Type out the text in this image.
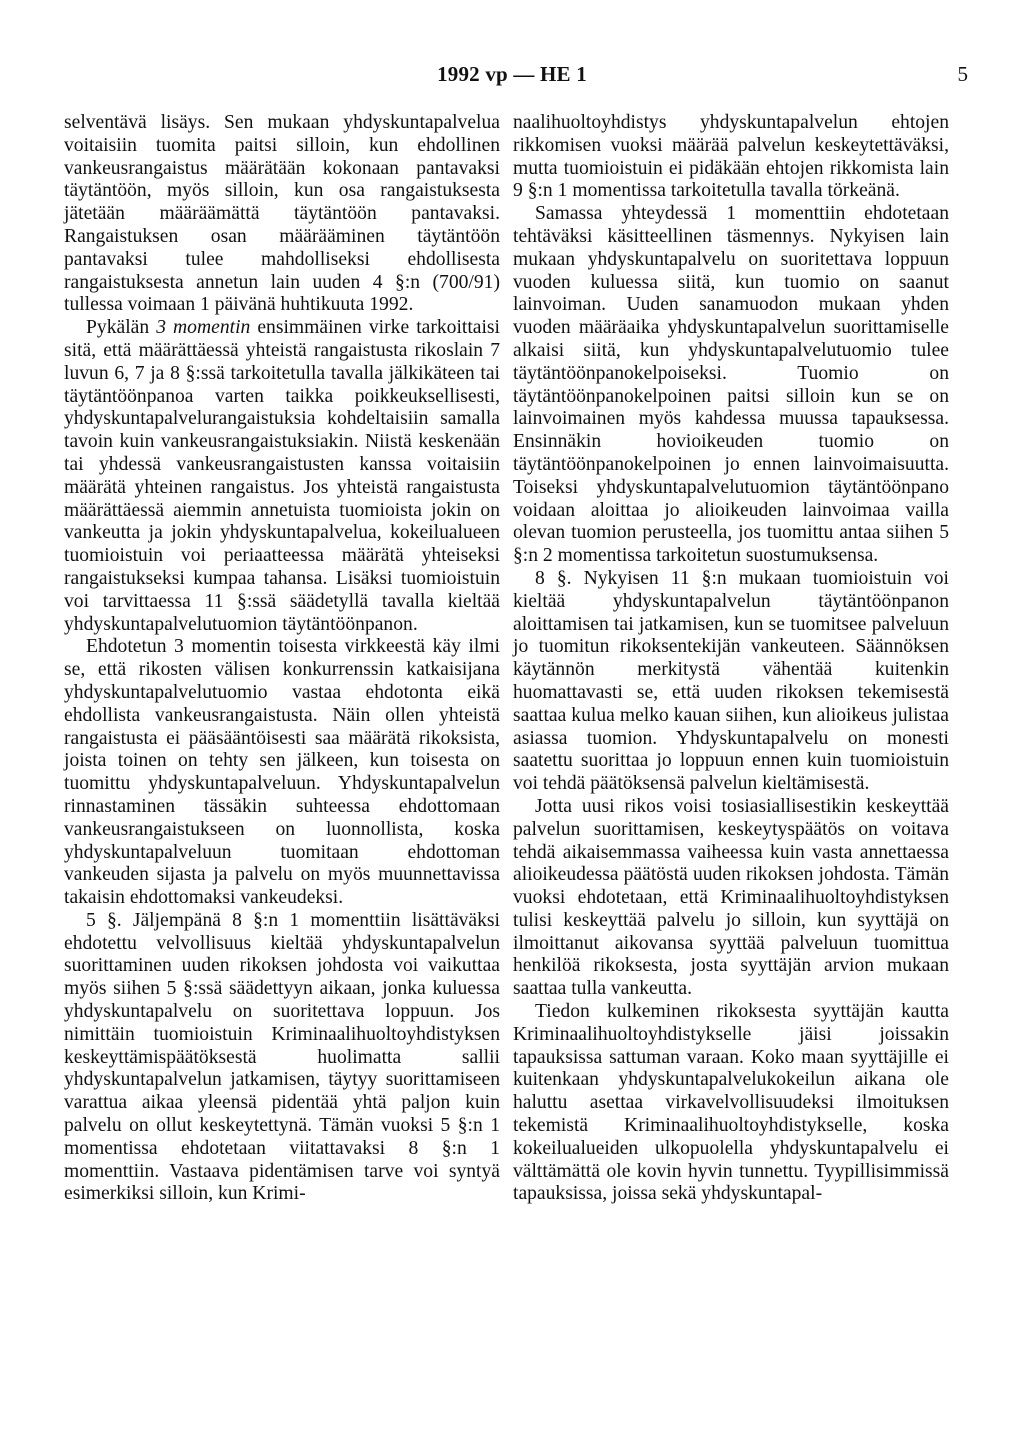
1992 vp — HE 1	5

selventävä lisäys. Sen mukaan yhdyskuntapalvelua voitaisiin tuomita paitsi silloin, kun ehdollinen vankeusrangaistus määrätään kokonaan pantavaksi täytäntöön, myös silloin, kun osa rangaistuksesta jätetään määräämättä täytäntöön pantavaksi. Rangaistuksen osan määrääminen täytäntöön pantavaksi tulee mahdolliseksi ehdollisesta rangaistuksesta annetun lain uuden 4 §:n (700/91) tullessa voimaan 1 päivänä huhtikuuta 1992.

Pykälän 3 momentin ensimmäinen virke tarkoittaisi sitä, että määrättäessä yhteistä rangaistusta rikoslain 7 luvun 6, 7 ja 8 §:ssä tarkoitetulla tavalla jälkikäteen tai täytäntöönpanoa varten taikka poikkeuksellisesti, yhdyskuntapalvelurangaistuksia kohdeltaisiin samalla tavoin kuin vankeusrangaistuksiakin. Niistä keskenään tai yhdessä vankeusrangaistusten kanssa voitaisiin määrätä yhteinen rangaistus. Jos yhteistä rangaistusta määrättäessä aiemmin annetuista tuomioista jokin on vankeutta ja jokin yhdyskuntapalvelua, kokeilualueen tuomioistuin voi periaatteessa määrätä yhteiseksi rangaistukseksi kumpaa tahansa. Lisäksi tuomioistuin voi tarvittaessa 11 §:ssä säädetyllä tavalla kieltää yhdyskuntapalvelutuomion täytäntöönpanon.

Ehdotetun 3 momentin toisesta virkkeestä käy ilmi se, että rikosten välisen konkurrenssin katkaisijana yhdyskuntapalvelutuomio vastaa ehdotonta eikä ehdollista vankeusrangaistusta. Näin ollen yhteistä rangaistusta ei pääsääntöisesti saa määrätä rikoksista, joista toinen on tehty sen jälkeen, kun toisesta on tuomittu yhdyskuntapalveluun. Yhdyskuntapalvelun rinnastaminen tässäkin suhteessa ehdottomaan vankeusrangaistukseen on luonnollista, koska yhdyskuntapalveluun tuomitaan ehdottoman vankeuden sijasta ja palvelu on myös muunnettavissa takaisin ehdottomaksi vankeudeksi.

5 §. Jäljempänä 8 §:n 1 momenttiin lisättäväksi ehdotettu velvollisuus kieltää yhdyskuntapalvelun suorittaminen uuden rikoksen johdosta voi vaikuttaa myös siihen 5 §:ssä säädettyyn aikaan, jonka kuluessa yhdyskuntapalvelu on suoritettava loppuun. Jos nimittäin tuomioistuin Kriminaalihuoltoyhdistyksen keskeyttämispäätöksestä huolimatta sallii yhdyskuntapalvelun jatkamisen, täytyy suorittamiseen varattua aikaa yleensä pidentää yhtä paljon kuin palvelu on ollut keskeytettynä. Tämän vuoksi 5 §:n 1 momentissa ehdotetaan viitattavaksi 8 §:n 1 momenttiin. Vastaava pidentämisen tarve voi syntyä esimerkiksi silloin, kun Krimi-

naalihuoltoyhdistys yhdyskuntapalvelun ehtojen rikkomisen vuoksi määrää palvelun keskeytettäväksi, mutta tuomioistuin ei pidäkään ehtojen rikkomista lain 9 §:n 1 momentissa tarkoitetulla tavalla törkeänä.

Samassa yhteydessä 1 momenttiin ehdotetaan tehtäväksi käsitteellinen täsmennys. Nykyisen lain mukaan yhdyskuntapalvelu on suoritettava loppuun vuoden kuluessa siitä, kun tuomio on saanut lainvoiman. Uuden sanamuodon mukaan yhden vuoden määräaika yhdyskuntapalvelun suorittamiselle alkaisi siitä, kun yhdyskuntapalvelutuomio tulee täytäntöönpanokelpoiseksi. Tuomio on täytäntöönpanokelpoinen paitsi silloin kun se on lainvoimainen myös kahdessa muussa tapauksessa. Ensinnäkin hovioikeuden tuomio on täytäntöönpanokelpoinen jo ennen lainvoimaisuutta. Toiseksi yhdyskuntapalvelutuomion täytäntöönpano voidaan aloittaa jo alioikeuden lainvoimaa vailla olevan tuomion perusteella, jos tuomittu antaa siihen 5 §:n 2 momentissa tarkoitetun suostumuksensa.

8 §. Nykyisen 11 §:n mukaan tuomioistuin voi kieltää yhdyskuntapalvelun täytäntöönpanon aloittamisen tai jatkamisen, kun se tuomitsee palveluun jo tuomitun rikoksentekijän vankeuteen. Säännöksen käytännön merkitystä vähentää kuitenkin huomattavasti se, että uuden rikoksen tekemisestä saattaa kulua melko kauan siihen, kun alioikeus julistaa asiassa tuomion. Yhdyskuntapalvelu on monesti saatettu suorittaa jo loppuun ennen kuin tuomioistuin voi tehdä päätöksensä palvelun kieltämisestä.

Jotta uusi rikos voisi tosiasiallisestikin keskeyttää palvelun suorittamisen, keskeytyspäätös on voitava tehdä aikaisemmassa vaiheessa kuin vasta annettaessa alioikeudessa päätöstä uuden rikoksen johdosta. Tämän vuoksi ehdotetaan, että Kriminaalihuoltoyhdistyksen tulisi keskeyttää palvelu jo silloin, kun syyttäjä on ilmoittanut aikovansa syyttää palveluun tuomittua henkilöä rikoksesta, josta syyttäjän arvion mukaan saattaa tulla vankeutta.

Tiedon kulkeminen rikoksesta syyttäjän kautta Kriminaalihuoltoyhdistykselle jäisi joissakin tapauksissa sattuman varaan. Koko maan syyttäjille ei kuitenkaan yhdyskuntapalvelukokeilun aikana ole haluttu asettaa virkavelvollisuudeksi ilmoituksen tekemistä Kriminaalihuoltoyhdistykselle, koska kokeilualueiden ulkopuolella yhdyskuntapalvelu ei välttämättä ole kovin hyvin tunnettu. Tyypillisimmissä tapauksissa, joissa sekä yhdyskuntapal-
